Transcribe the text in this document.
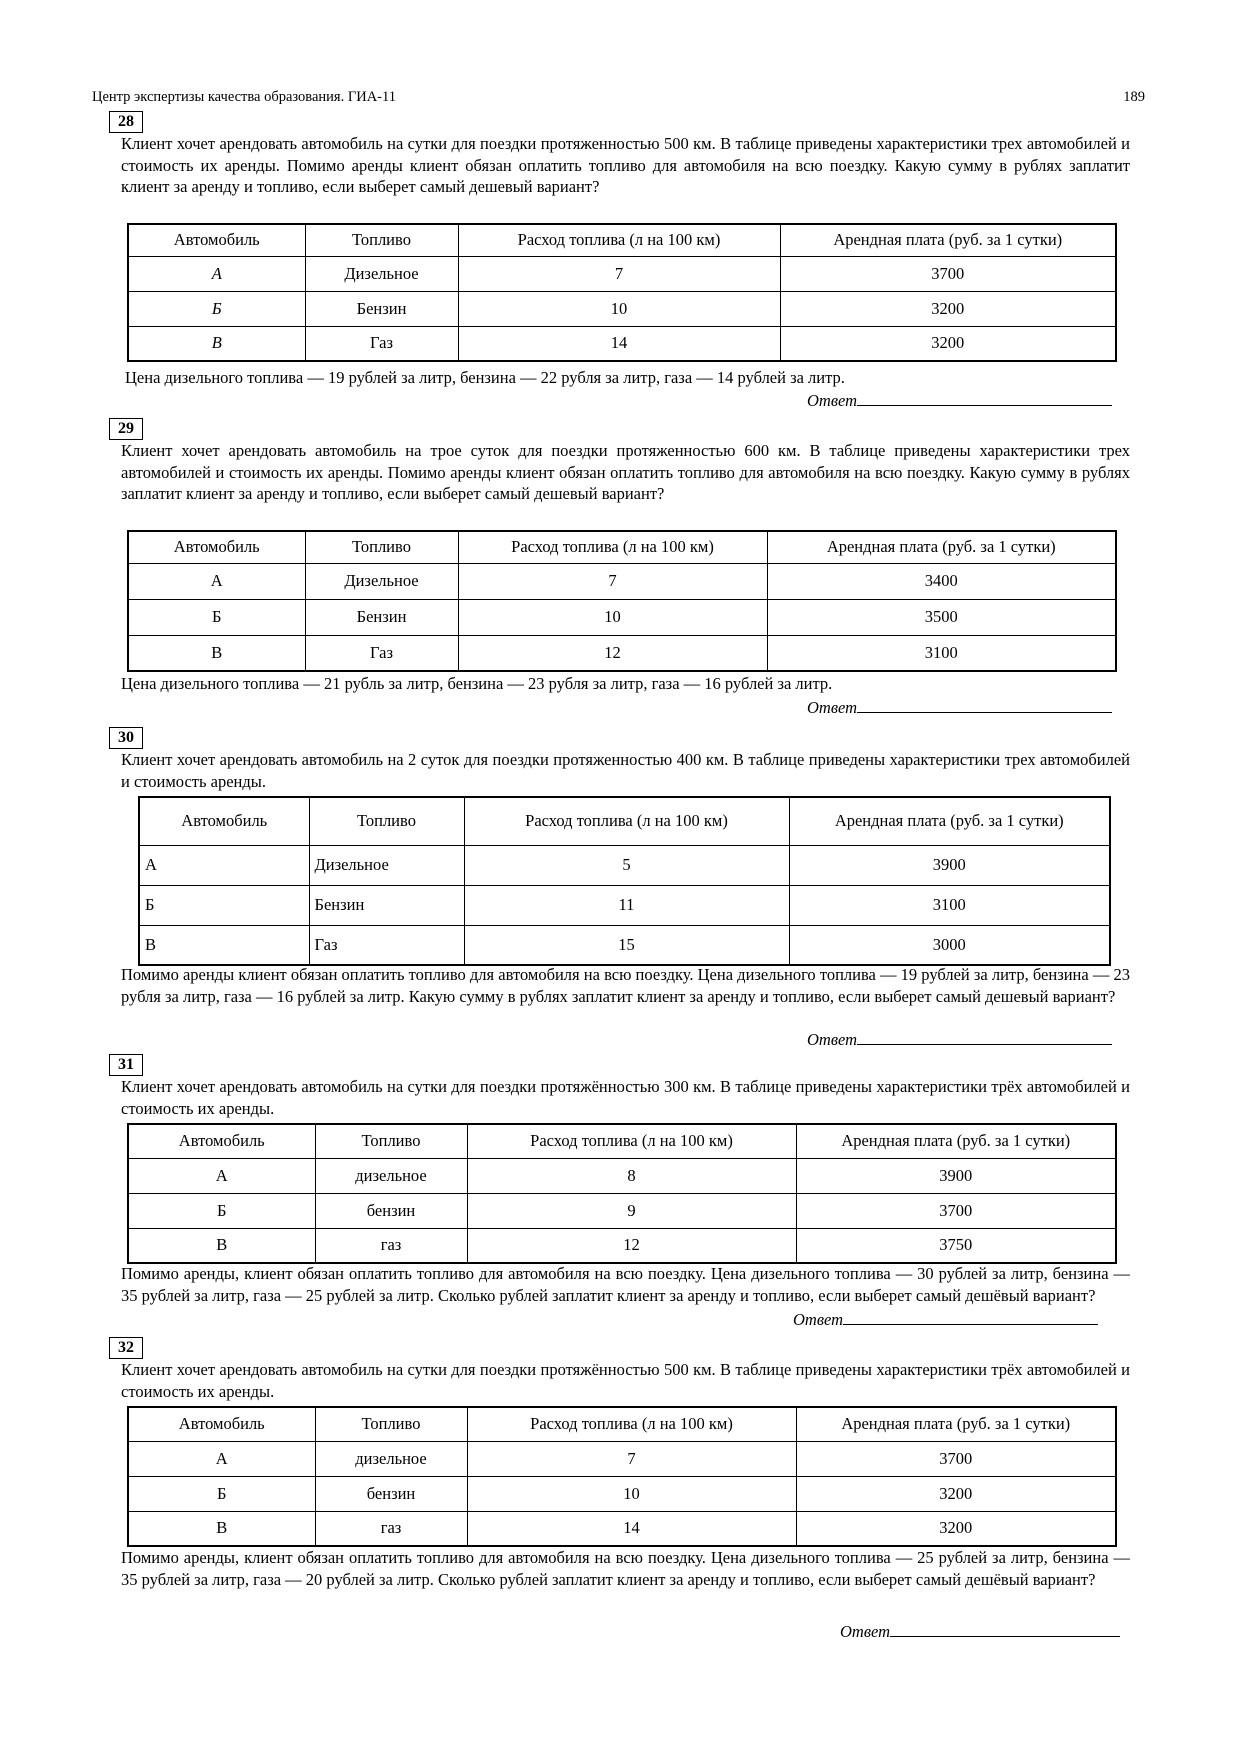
Центр экспертизы качества образования. ГИА-11	189
28
Клиент хочет арендовать автомобиль на сутки для поездки протяженностью 500 км. В таблице приведены характеристики трех автомобилей и стоимость их аренды. Помимо аренды клиент обязан оплатить топливо для автомобиля на всю поездку. Какую сумму в рублях заплатит клиент за аренду и топливо, если выберет самый дешевый вариант?
Автомобиль	Топливо	Расход топлива (л на 100 км)	Арендная плата (руб. за 1 сутки)
А	Дизельное	7	3700
Б	Бензин	10	3200
В	Газ	14	3200
Цена дизельного топлива — 19 рублей за литр, бензина — 22 рубля за литр, газа — 14 рублей за литр.
Ответ
29
Клиент хочет арендовать автомобиль на трое суток для поездки протяженностью 600 км. В таблице приведены характеристики трех автомобилей и стоимость их аренды. Помимо аренды клиент обязан оплатить топливо для автомобиля на всю поездку. Какую сумму в рублях заплатит клиент за аренду и топливо, если выберет самый дешевый вариант?
Автомобиль	Топливо	Расход топлива (л на 100 км)	Арендная плата (руб. за 1 сутки)
А	Дизельное	7	3400
Б	Бензин	10	3500
В	Газ	12	3100
Цена дизельного топлива — 21 рубль за литр, бензина — 23 рубля за литр, газа — 16 рублей за литр.
Ответ
30
Клиент хочет арендовать автомобиль на 2 суток для поездки протяженностью 400 км. В таблице приведены характеристики трех автомобилей и стоимость аренды.
Автомобиль	Топливо	Расход топлива (л на 100 км)	Арендная плата (руб. за 1 сутки)
А	Дизельное	5	3900
Б	Бензин	11	3100
В	Газ	15	3000
Помимо аренды клиент обязан оплатить топливо для автомобиля на всю поездку. Цена дизельного топлива — 19 рублей за литр, бензина — 23 рубля за литр, газа — 16 рублей за литр. Какую сумму в рублях заплатит клиент за аренду и топливо, если выберет самый дешевый вариант?
Ответ
31
Клиент хочет арендовать автомобиль на сутки для поездки протяжённостью 300 км. В таблице приведены характеристики трёх автомобилей и стоимость их аренды.
Автомобиль	Топливо	Расход топлива (л на 100 км)	Арендная плата (руб. за 1 сутки)
А	дизельное	8	3900
Б	бензин	9	3700
В	газ	12	3750
Помимо аренды, клиент обязан оплатить топливо для автомобиля на всю поездку. Цена дизельного топлива — 30 рублей за литр, бензина — 35 рублей за литр, газа — 25 рублей за литр. Сколько рублей заплатит клиент за аренду и топливо, если выберет самый дешёвый вариант?
Ответ
32
Клиент хочет арендовать автомобиль на сутки для поездки протяжённостью 500 км. В таблице приведены характеристики трёх автомобилей и стоимость их аренды.
Автомобиль	Топливо	Расход топлива (л на 100 км)	Арендная плата (руб. за 1 сутки)
А	дизельное	7	3700
Б	бензин	10	3200
В	газ	14	3200
Помимо аренды, клиент обязан оплатить топливо для автомобиля на всю поездку. Цена дизельного топлива — 25 рублей за литр, бензина — 35 рублей за литр, газа — 20 рублей за литр. Сколько рублей заплатит клиент за аренду и топливо, если выберет самый дешёвый вариант?
Ответ
